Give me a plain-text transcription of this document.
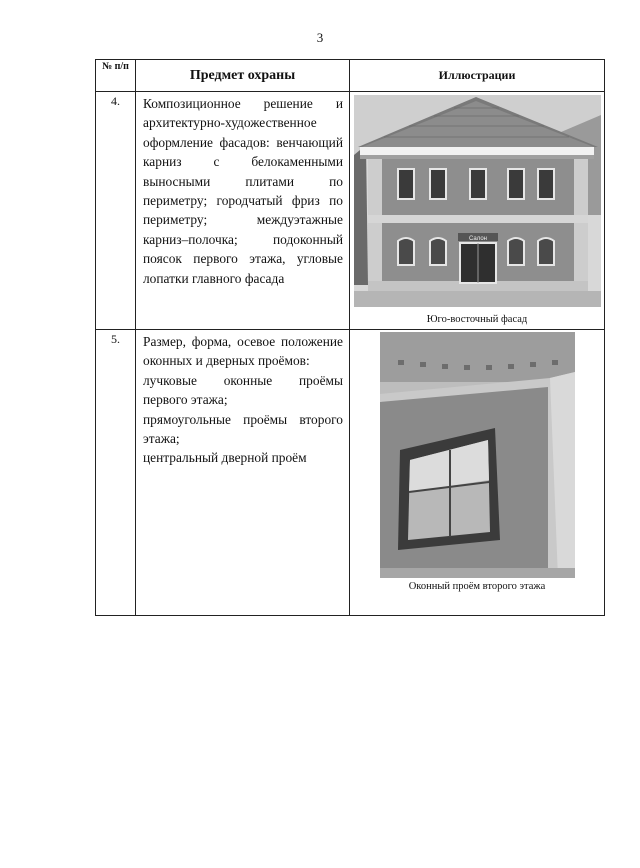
3
№ п/п	Предмет охраны	Иллюстрации
4.	Композиционное решение и архитектурно-художественное оформление фасадов: венчающий карниз с белокаменными выносными плитами по периметру; городчатый фриз по периметру; междуэтажные карниз–полочка; подоконный поясок первого этажа, угловые лопатки главного фасада	Салон
Юго-восточный фасад

5.	Размер, форма, осевое положение оконных и дверных проёмов:
лучковые оконные проёмы первого этажа;
прямоугольные проёмы второго этажа;
центральный дверной проём	Оконный проём второго этажа
